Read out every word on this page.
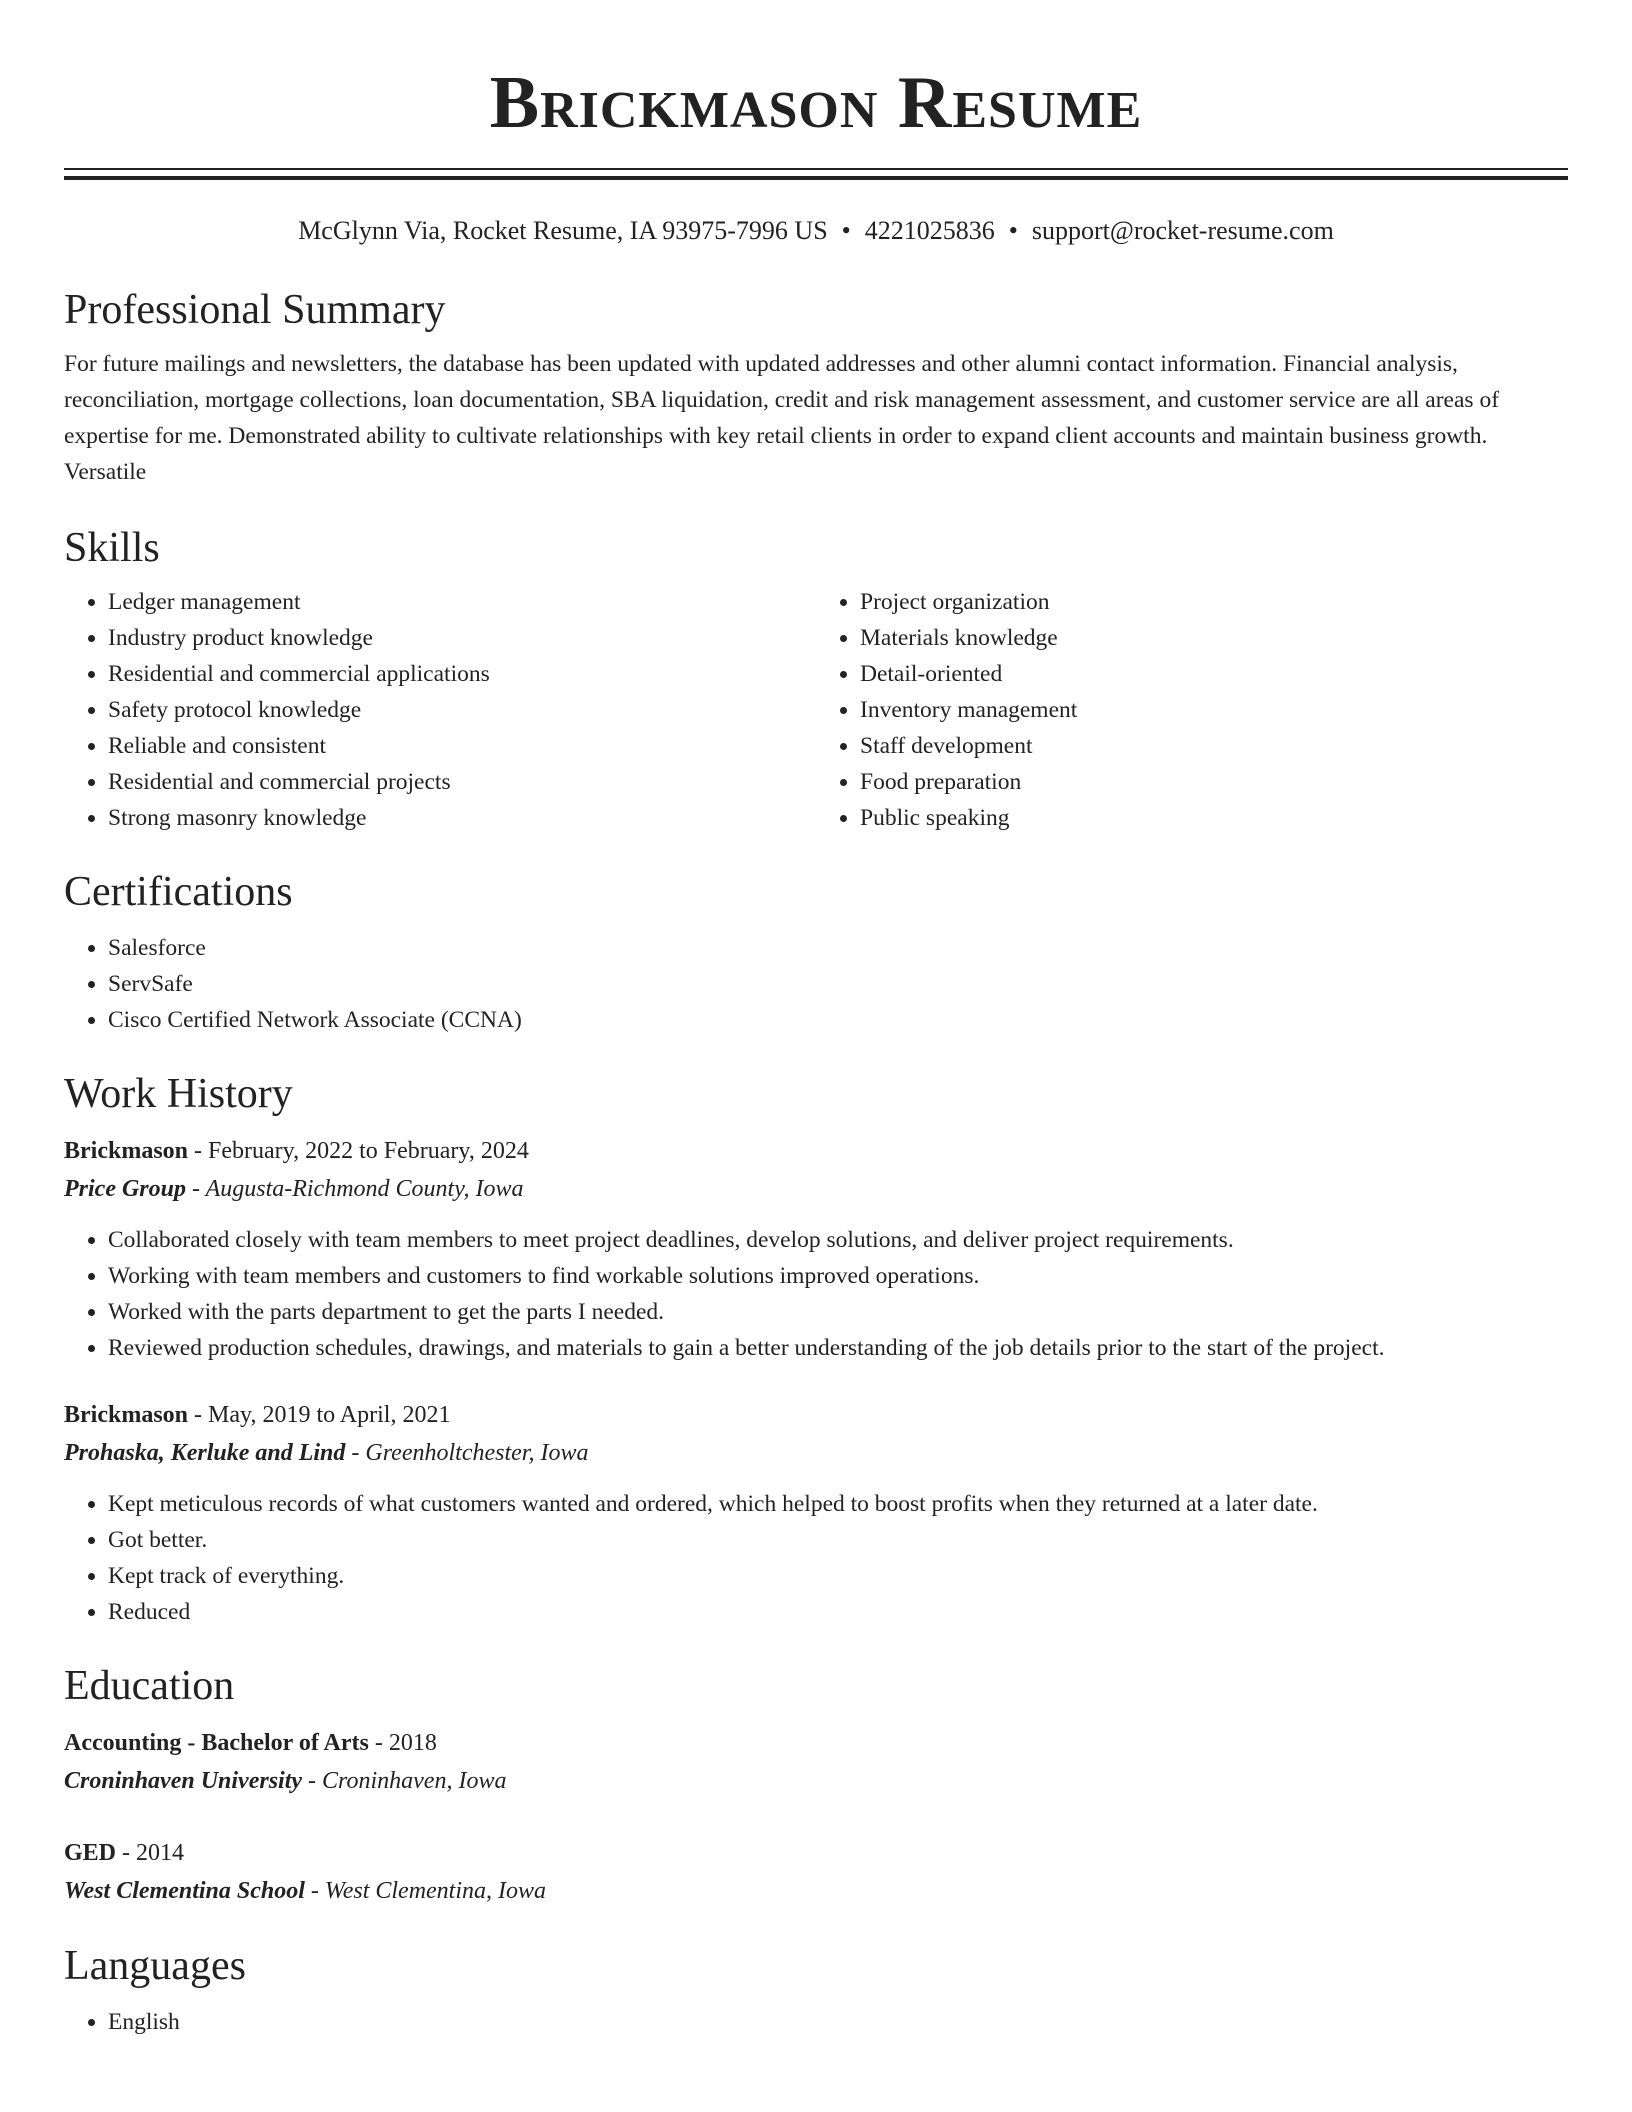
Brickmason Resume
McGlynn Via, Rocket Resume, IA 93975-7996 US • 4221025836 • support@rocket-resume.com
Professional Summary

For future mailings and newsletters, the database has been updated with updated addresses and other alumni contact information. Financial analysis, reconciliation, mortgage collections, loan documentation, SBA liquidation, credit and risk management assessment, and customer service are all areas of expertise for me. Demonstrated ability to cultivate relationships with key retail clients in order to expand client accounts and maintain business growth. Versatile

Skills
• Ledger management
• Industry product knowledge
• Residential and commercial applications
• Safety protocol knowledge
• Reliable and consistent
• Residential and commercial projects
• Strong masonry knowledge
• Project organization
• Materials knowledge
• Detail-oriented
• Inventory management
• Staff development
• Food preparation
• Public speaking
Certifications
• Salesforce
• ServSafe
• Cisco Certified Network Associate (CCNA)
Work History
Brickmason - February, 2022 to February, 2024
Price Group - Augusta-Richmond County, Iowa
• Collaborated closely with team members to meet project deadlines, develop solutions, and deliver project requirements.
• Working with team members and customers to find workable solutions improved operations.
• Worked with the parts department to get the parts I needed.
• Reviewed production schedules, drawings, and materials to gain a better understanding of the job details prior to the start of the project.
Brickmason - May, 2019 to April, 2021
Prohaska, Kerluke and Lind - Greenholtchester, Iowa
• Kept meticulous records of what customers wanted and ordered, which helped to boost profits when they returned at a later date.
• Got better.
• Kept track of everything.
• Reduced
Education
Accounting - Bachelor of Arts - 2018
Croninhaven University - Croninhaven, Iowa
GED - 2014
West Clementina School - West Clementina, Iowa
Languages
• English
